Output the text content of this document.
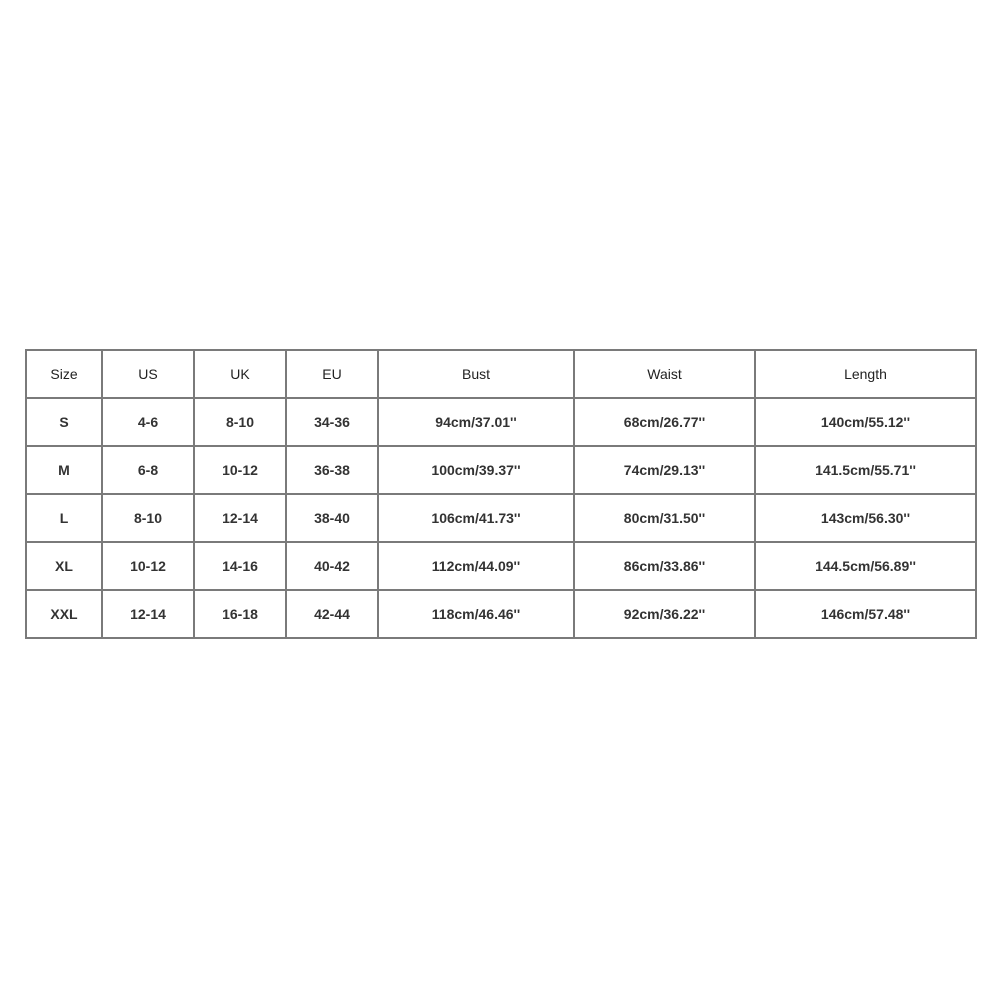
Size	US	UK	EU	Bust	Waist	Length
S	4-6	8-10	34-36	94cm/37.01''	68cm/26.77''	140cm/55.12''
M	6-8	10-12	36-38	100cm/39.37''	74cm/29.13''	141.5cm/55.71''
L	8-10	12-14	38-40	106cm/41.73''	80cm/31.50''	143cm/56.30''
XL	10-12	14-16	40-42	112cm/44.09''	86cm/33.86''	144.5cm/56.89''
XXL	12-14	16-18	42-44	118cm/46.46''	92cm/36.22''	146cm/57.48''
